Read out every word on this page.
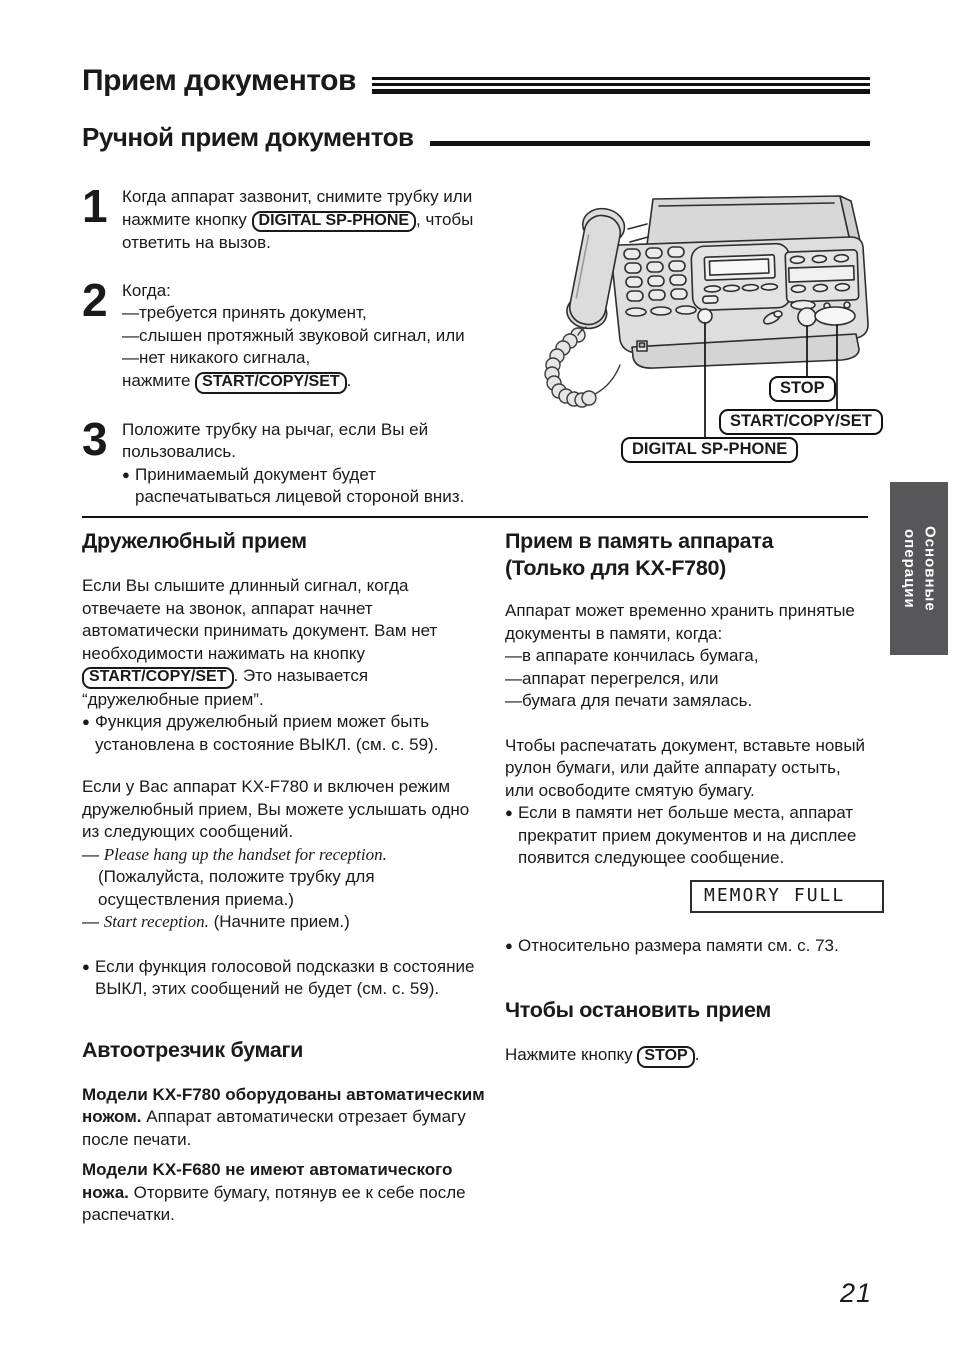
Прием документов
Ручной прием документов
1 Когда аппарат зазвонит, снимите трубку или нажмите кнопку DIGITAL SP-PHONE , чтобы ответить на вызов.
2 Когда:
—требуется принять документ,
—слышен протяжный звуковой сигнал, или
—нет никакого сигнала,
нажмите START/COPY/SET .
3 Положите трубку на рычаг, если Вы ей пользовались.
● Принимаемый документ будет распечатываться лицевой стороной вниз.
STOP
START/COPY/SET
DIGITAL SP-PHONE
Основные
операции
Дружелюбный прием

Если Вы слышите длинный сигнал, когда отвечаете на звонок, аппарат начнет автоматически принимать документ. Вам нет необходимости нажимать на кнопку START/COPY/SET . Это называется “дружелюбные прием”.

● Функция дружелюбный прием может быть установлена в состояние ВЫКЛ. (см. с. 59).

Если у Вас аппарат KX-F780 и включен режим дружелюбный прием, Вы можете услышать одно из следующих сообщений.

— Please hang up the handset for reception.
(Пожалуйста, положите трубку для осуществления приема.)
— Start reception. (Начните прием.)
● Если функция голосовой подсказки в состояние ВЫКЛ, этих сообщений не будет (см. с. 59).
Автоотрезчик бумаги

Модели KX-F780 оборудованы автоматическим ножом. Аппарат автоматически отрезает бумагу после печати.

Модели KX-F680 не имеют автоматического ножа. Оторвите бумагу, потянув ее к себе после распечатки.

Прием в память аппарата
(Только для KX-F780)

Аппарат может временно хранить принятые документы в памяти, когда:

—в аппарате кончилась бумага,
—аппарат перегрелся, или
—бумага для печати замялась.

Чтобы распечатать документ, вставьте новый рулон бумаги, или дайте аппарату остыть, или освободите смятую бумагу.

● Если в памяти нет больше места, аппарат прекратит прием документов и на дисплее появится следующее сообщение.
MEMORY FULL
● Относительно размера памяти см. с. 73.
Чтобы остановить прием

Нажмите кнопку STOP .

21
